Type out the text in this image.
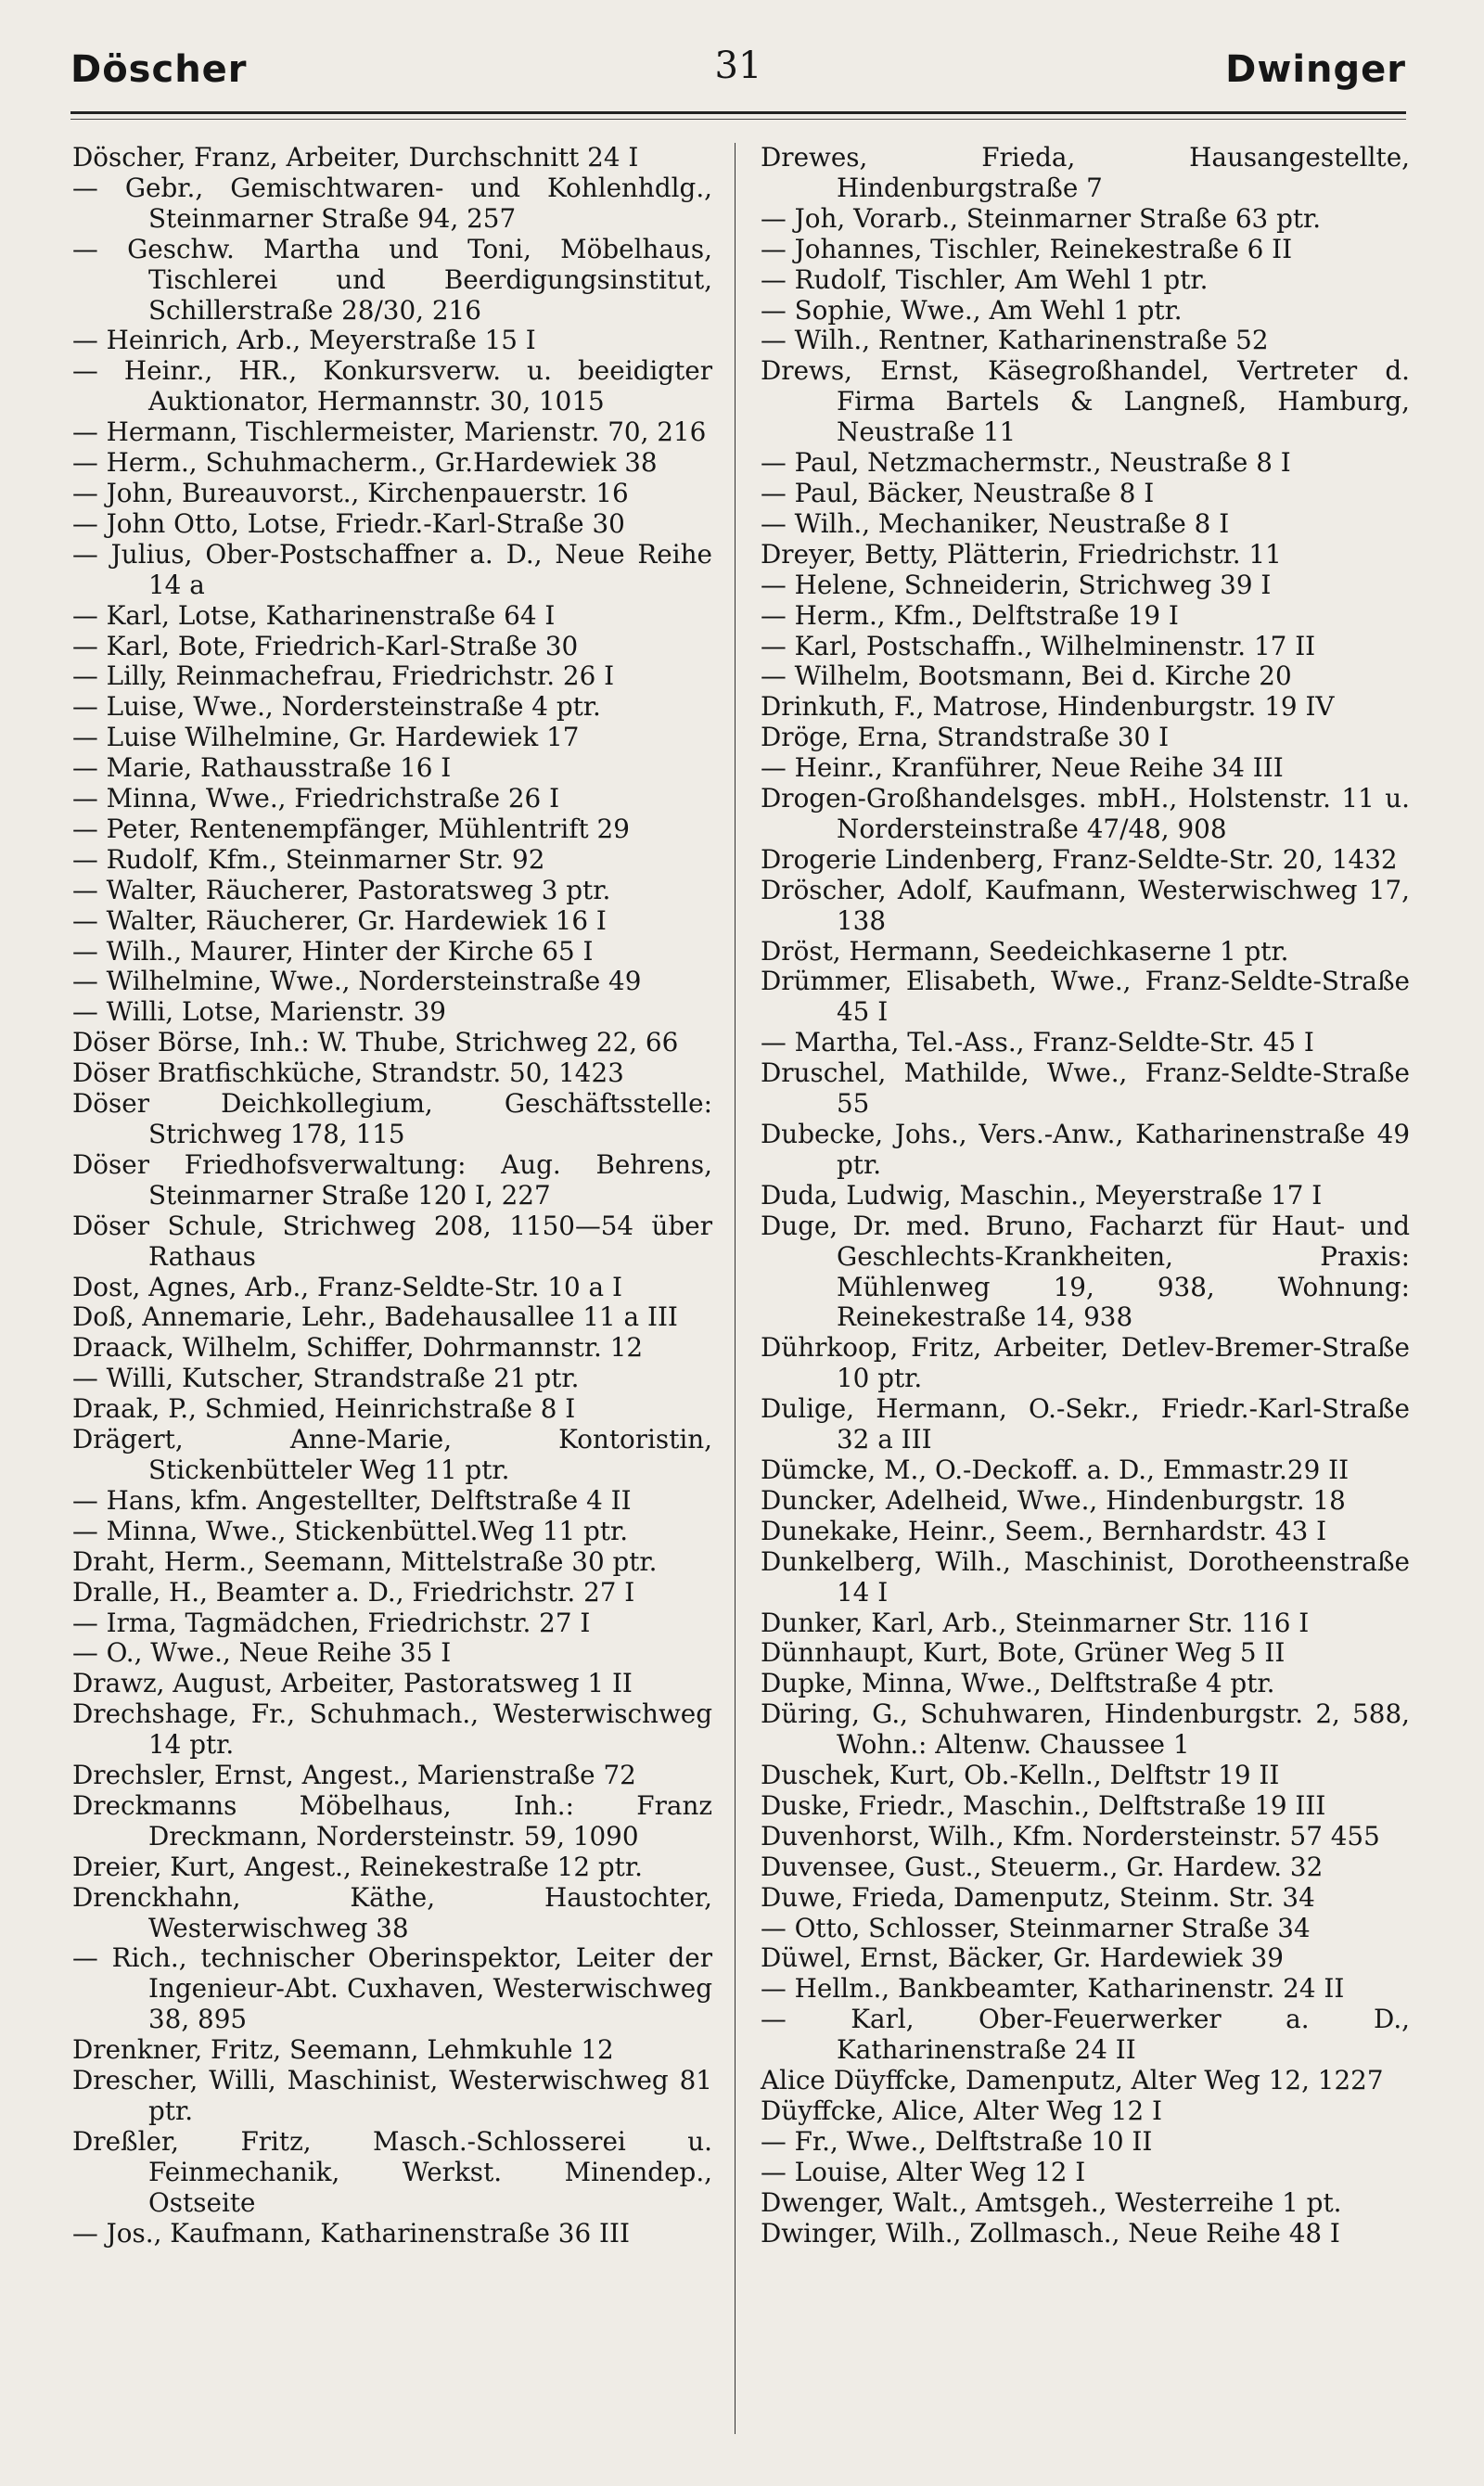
Döscher	31	Dwinger
Döscher, Franz, Arbeiter, Durchschnitt 24 I
— Gebr., Gemischtwaren- und Kohlenhdlg., Steinmarner Straße 94, 257
— Geschw. Martha und Toni, Möbelhaus, Tischlerei und Beerdigungsinstitut, Schillerstraße 28/30, 216
— Heinrich, Arb., Meyerstraße 15 I
— Heinr., HR., Konkursverw. u. beeidigter Auktionator, Hermannstr. 30, 1015
— Hermann, Tischlermeister, Marienstr. 70, 216
— Herm., Schuhmacherm., Gr.Hardewiek 38
— John, Bureauvorst., Kirchenpauerstr. 16
— John Otto, Lotse, Friedr.-Karl-Straße 30
— Julius, Ober-Postschaffner a. D., Neue Reihe 14 a
— Karl, Lotse, Katharinenstraße 64 I
— Karl, Bote, Friedrich-Karl-Straße 30
— Lilly, Reinmachefrau, Friedrichstr. 26 I
— Luise, Wwe., Nordersteinstraße 4 ptr.
— Luise Wilhelmine, Gr. Hardewiek 17
— Marie, Rathausstraße 16 I
— Minna, Wwe., Friedrichstraße 26 I
— Peter, Rentenempfänger, Mühlentrift 29
— Rudolf, Kfm., Steinmarner Str. 92
— Walter, Räucherer, Pastoratsweg 3 ptr.
— Walter, Räucherer, Gr. Hardewiek 16 I
— Wilh., Maurer, Hinter der Kirche 65 I
— Wilhelmine, Wwe., Nordersteinstraße 49
— Willi, Lotse, Marienstr. 39
Döser Börse, Inh.: W. Thube, Strichweg 22, 66
Döser Bratfischküche, Strandstr. 50, 1423
Döser Deichkollegium, Geschäftsstelle: Strichweg 178, 115
Döser Friedhofsverwaltung: Aug. Behrens, Steinmarner Straße 120 I, 227
Döser Schule, Strichweg 208, 1150—54 über Rathaus
Dost, Agnes, Arb., Franz-Seldte-Str. 10 a I
Doß, Annemarie, Lehr., Badehausallee 11 a III
Draack, Wilhelm, Schiffer, Dohrmannstr. 12
— Willi, Kutscher, Strandstraße 21 ptr.
Draak, P., Schmied, Heinrichstraße 8 I
Drägert, Anne-Marie, Kontoristin, Stickenbütteler Weg 11 ptr.
— Hans, kfm. Angestellter, Delftstraße 4 II
— Minna, Wwe., Stickenbüttel.Weg 11 ptr.
Draht, Herm., Seemann, Mittelstraße 30 ptr.
Dralle, H., Beamter a. D., Friedrichstr. 27 I
— Irma, Tagmädchen, Friedrichstr. 27 I
— O., Wwe., Neue Reihe 35 I
Drawz, August, Arbeiter, Pastoratsweg 1 II
Drechshage, Fr., Schuhmach., Westerwischweg 14 ptr.
Drechsler, Ernst, Angest., Marienstraße 72
Dreckmanns Möbelhaus, Inh.: Franz Dreckmann, Nordersteinstr. 59, 1090
Dreier, Kurt, Angest., Reinekestraße 12 ptr.
Drenckhahn, Käthe, Haustochter, Westerwischweg 38
— Rich., technischer Oberinspektor, Leiter der Ingenieur-Abt. Cuxhaven, Westerwischweg 38, 895
Drenkner, Fritz, Seemann, Lehmkuhle 12
Drescher, Willi, Maschinist, Westerwischweg 81 ptr.
Dreßler, Fritz, Masch.-Schlosserei u. Feinmechanik, Werkst. Minendep., Ostseite
— Jos., Kaufmann, Katharinenstraße 36 III
Drewes, Frieda, Hausangestellte, Hindenburgstraße 7
— Joh, Vorarb., Steinmarner Straße 63 ptr.
— Johannes, Tischler, Reinekestraße 6 II
— Rudolf, Tischler, Am Wehl 1 ptr.
— Sophie, Wwe., Am Wehl 1 ptr.
— Wilh., Rentner, Katharinenstraße 52
Drews, Ernst, Käsegroßhandel, Vertreter d. Firma Bartels & Langneß, Hamburg, Neustraße 11
— Paul, Netzmachermstr., Neustraße 8 I
— Paul, Bäcker, Neustraße 8 I
— Wilh., Mechaniker, Neustraße 8 I
Dreyer, Betty, Plätterin, Friedrichstr. 11
— Helene, Schneiderin, Strichweg 39 I
— Herm., Kfm., Delftstraße 19 I
— Karl, Postschaffn., Wilhelminenstr. 17 II
— Wilhelm, Bootsmann, Bei d. Kirche 20
Drinkuth, F., Matrose, Hindenburgstr. 19 IV
Dröge, Erna, Strandstraße 30 I
— Heinr., Kranführer, Neue Reihe 34 III
Drogen-Großhandelsges. mbH., Holstenstr. 11 u. Nordersteinstraße 47/48, 908
Drogerie Lindenberg, Franz-Seldte-Str. 20, 1432
Dröscher, Adolf, Kaufmann, Westerwischweg 17, 138
Dröst, Hermann, Seedeichkaserne 1 ptr.
Drümmer, Elisabeth, Wwe., Franz-Seldte-Straße 45 I
— Martha, Tel.-Ass., Franz-Seldte-Str. 45 I
Druschel, Mathilde, Wwe., Franz-Seldte-Straße 55
Dubecke, Johs., Vers.-Anw., Katharinenstraße 49 ptr.
Duda, Ludwig, Maschin., Meyerstraße 17 I
Duge, Dr. med. Bruno, Facharzt für Haut- und Geschlechts-Krankheiten, Praxis: Mühlenweg 19, 938, Wohnung: Reinekestraße 14, 938
Dührkoop, Fritz, Arbeiter, Detlev-Bremer-Straße 10 ptr.
Dulige, Hermann, O.-Sekr., Friedr.-Karl-Straße 32 a III
Dümcke, M., O.-Deckoff. a. D., Emmastr.29 II
Duncker, Adelheid, Wwe., Hindenburgstr. 18
Dunekake, Heinr., Seem., Bernhardstr. 43 I
Dunkelberg, Wilh., Maschinist, Dorotheenstraße 14 I
Dunker, Karl, Arb., Steinmarner Str. 116 I
Dünnhaupt, Kurt, Bote, Grüner Weg 5 II
Dupke, Minna, Wwe., Delftstraße 4 ptr.
Düring, G., Schuhwaren, Hindenburgstr. 2, 588, Wohn.: Altenw. Chaussee 1
Duschek, Kurt, Ob.-Kelln., Delftstr 19 II
Duske, Friedr., Maschin., Delftstraße 19 III
Duvenhorst, Wilh., Kfm. Nordersteinstr. 57 455
Duvensee, Gust., Steuerm., Gr. Hardew. 32
Duwe, Frieda, Damenputz, Steinm. Str. 34
— Otto, Schlosser, Steinmarner Straße 34
Düwel, Ernst, Bäcker, Gr. Hardewiek 39
— Hellm., Bankbeamter, Katharinenstr. 24 II
— Karl, Ober-Feuerwerker a. D., Katharinenstraße 24 II
Alice Düyffcke, Damenputz, Alter Weg 12, 1227
Düyffcke, Alice, Alter Weg 12 I
— Fr., Wwe., Delftstraße 10 II
— Louise, Alter Weg 12 I
Dwenger, Walt., Amtsgeh., Westerreihe 1 pt.
Dwinger, Wilh., Zollmasch., Neue Reihe 48 I
